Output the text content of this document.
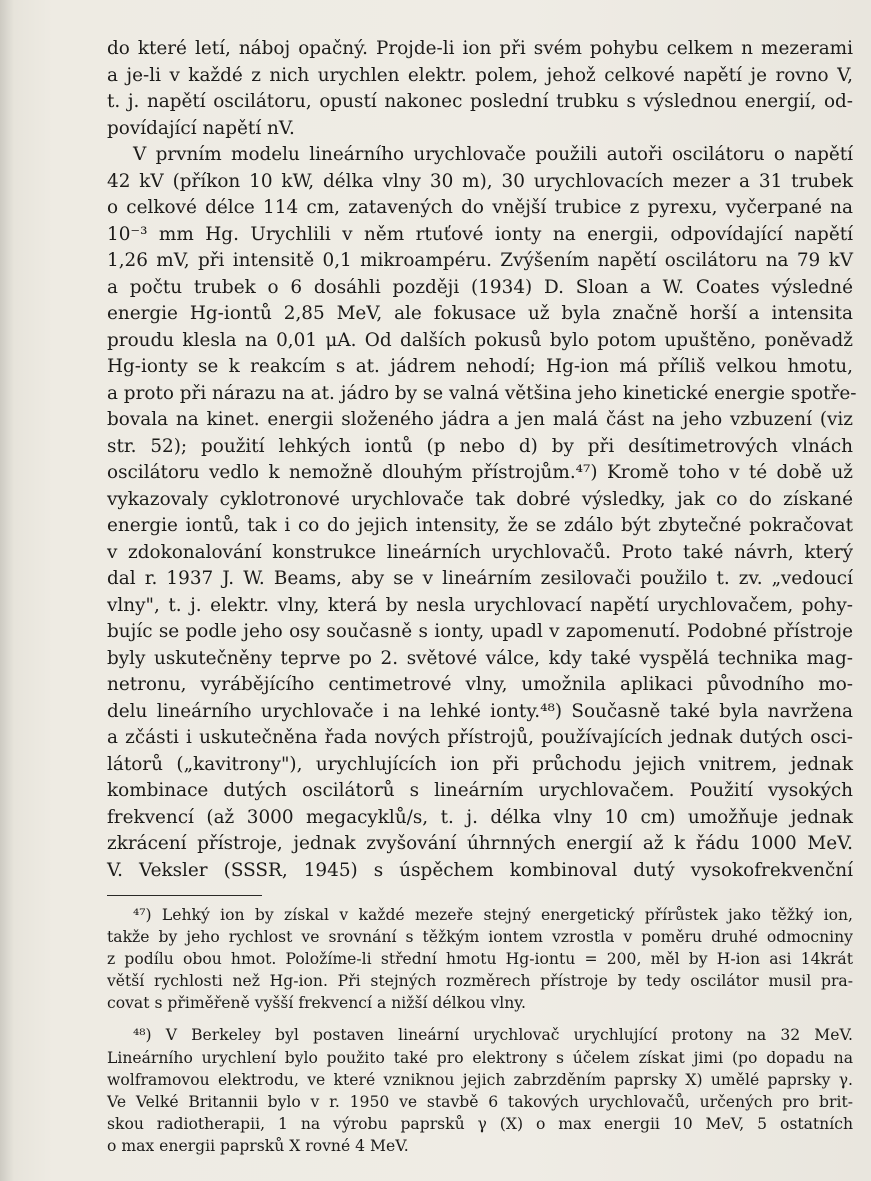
do které letí, náboj opačný. Projde-li ion při svém pohybu celkem n mezerami
a je-li v každé z nich urychlen elektr. polem, jehož celkové napětí je rovno V,
t. j. napětí oscilátoru, opustí nakonec poslední trubku s výslednou energií, od-
povídající napětí nV.
V prvním modelu lineárního urychlovače použili autoři oscilátoru o napětí
42 kV (příkon 10 kW, délka vlny 30 m), 30 urychlovacích mezer a 31 trubek
o celkové délce 114 cm, zatavených do vnější trubice z pyrexu, vyčerpané na
10⁻³ mm Hg. Urychlili v něm rtuťové ionty na energii, odpovídající napětí
1,26 mV, při intensitě 0,1 mikroampéru. Zvýšením napětí oscilátoru na 79 kV
a počtu trubek o 6 dosáhli později (1934) D. Sloan a W. Coates výsledné
energie Hg-iontů 2,85 MeV, ale fokusace už byla značně horší a intensita
proudu klesla na 0,01 μA. Od dalších pokusů bylo potom upuštěno, poněvadž
Hg-ionty se k reakcím s at. jádrem nehodí; Hg-ion má příliš velkou hmotu,
a proto při nárazu na at. jádro by se valná většina jeho kinetické energie spotře-
bovala na kinet. energii složeného jádra a jen malá část na jeho vzbuzení (viz
str. 52); použití lehkých iontů (p nebo d) by při desítimetrových vlnách
oscilátoru vedlo k nemožně dlouhým přístrojům.⁴⁷) Kromě toho v té době už
vykazovaly cyklotronové urychlovače tak dobré výsledky, jak co do získané
energie iontů, tak i co do jejich intensity, že se zdálo být zbytečné pokračovat
v zdokonalování konstrukce lineárních urychlovačů. Proto také návrh, který
dal r. 1937 J. W. Beams, aby se v lineárním zesilovači použilo t. zv. „vedoucí
vlny", t. j. elektr. vlny, která by nesla urychlovací napětí urychlovačem, pohy-
bujíc se podle jeho osy současně s ionty, upadl v zapomenutí. Podobné přístroje
byly uskutečněny teprve po 2. světové válce, kdy také vyspělá technika mag-
netronu, vyrábějícího centimetrové vlny, umožnila aplikaci původního mo-
delu lineárního urychlovače i na lehké ionty.⁴⁸) Současně také byla navržena
a zčásti i uskutečněna řada nových přístrojů, používajících jednak dutých osci-
látorů („kavitrony"), urychlujících ion při průchodu jejich vnitrem, jednak
kombinace dutých oscilátorů s lineárním urychlovačem. Použití vysokých
frekvencí (až 3000 megacyklů/s, t. j. délka vlny 10 cm) umožňuje jednak
zkrácení přístroje, jednak zvyšování úhrnných energií až k řádu 1000 MeV.
V. Veksler (SSSR, 1945) s úspěchem kombinoval dutý vysokofrekvenční
⁴⁷) Lehký ion by získal v každé mezeře stejný energetický přírůstek jako těžký ion,
takže by jeho rychlost ve srovnání s těžkým iontem vzrostla v poměru druhé odmocniny
z podílu obou hmot. Položíme-li střední hmotu Hg-iontu = 200, měl by H-ion asi 14krát
větší rychlosti než Hg-ion. Při stejných rozměrech přístroje by tedy oscilátor musil pra-
covat s přiměřeně vyšší frekvencí a nižší délkou vlny.
⁴⁸) V Berkeley byl postaven lineární urychlovač urychlující protony na 32 MeV.
Lineárního urychlení bylo použito také pro elektrony s účelem získat jimi (po dopadu na
wolframovou elektrodu, ve které vzniknou jejich zabrzděním paprsky X) umělé paprsky γ.
Ve Velké Britannii bylo v r. 1950 ve stavbě 6 takových urychlovačů, určených pro brit-
skou radiotherapii, 1 na výrobu paprsků γ (X) o max energii 10 MeV, 5 ostatních
o max energii paprsků X rovné 4 MeV.
